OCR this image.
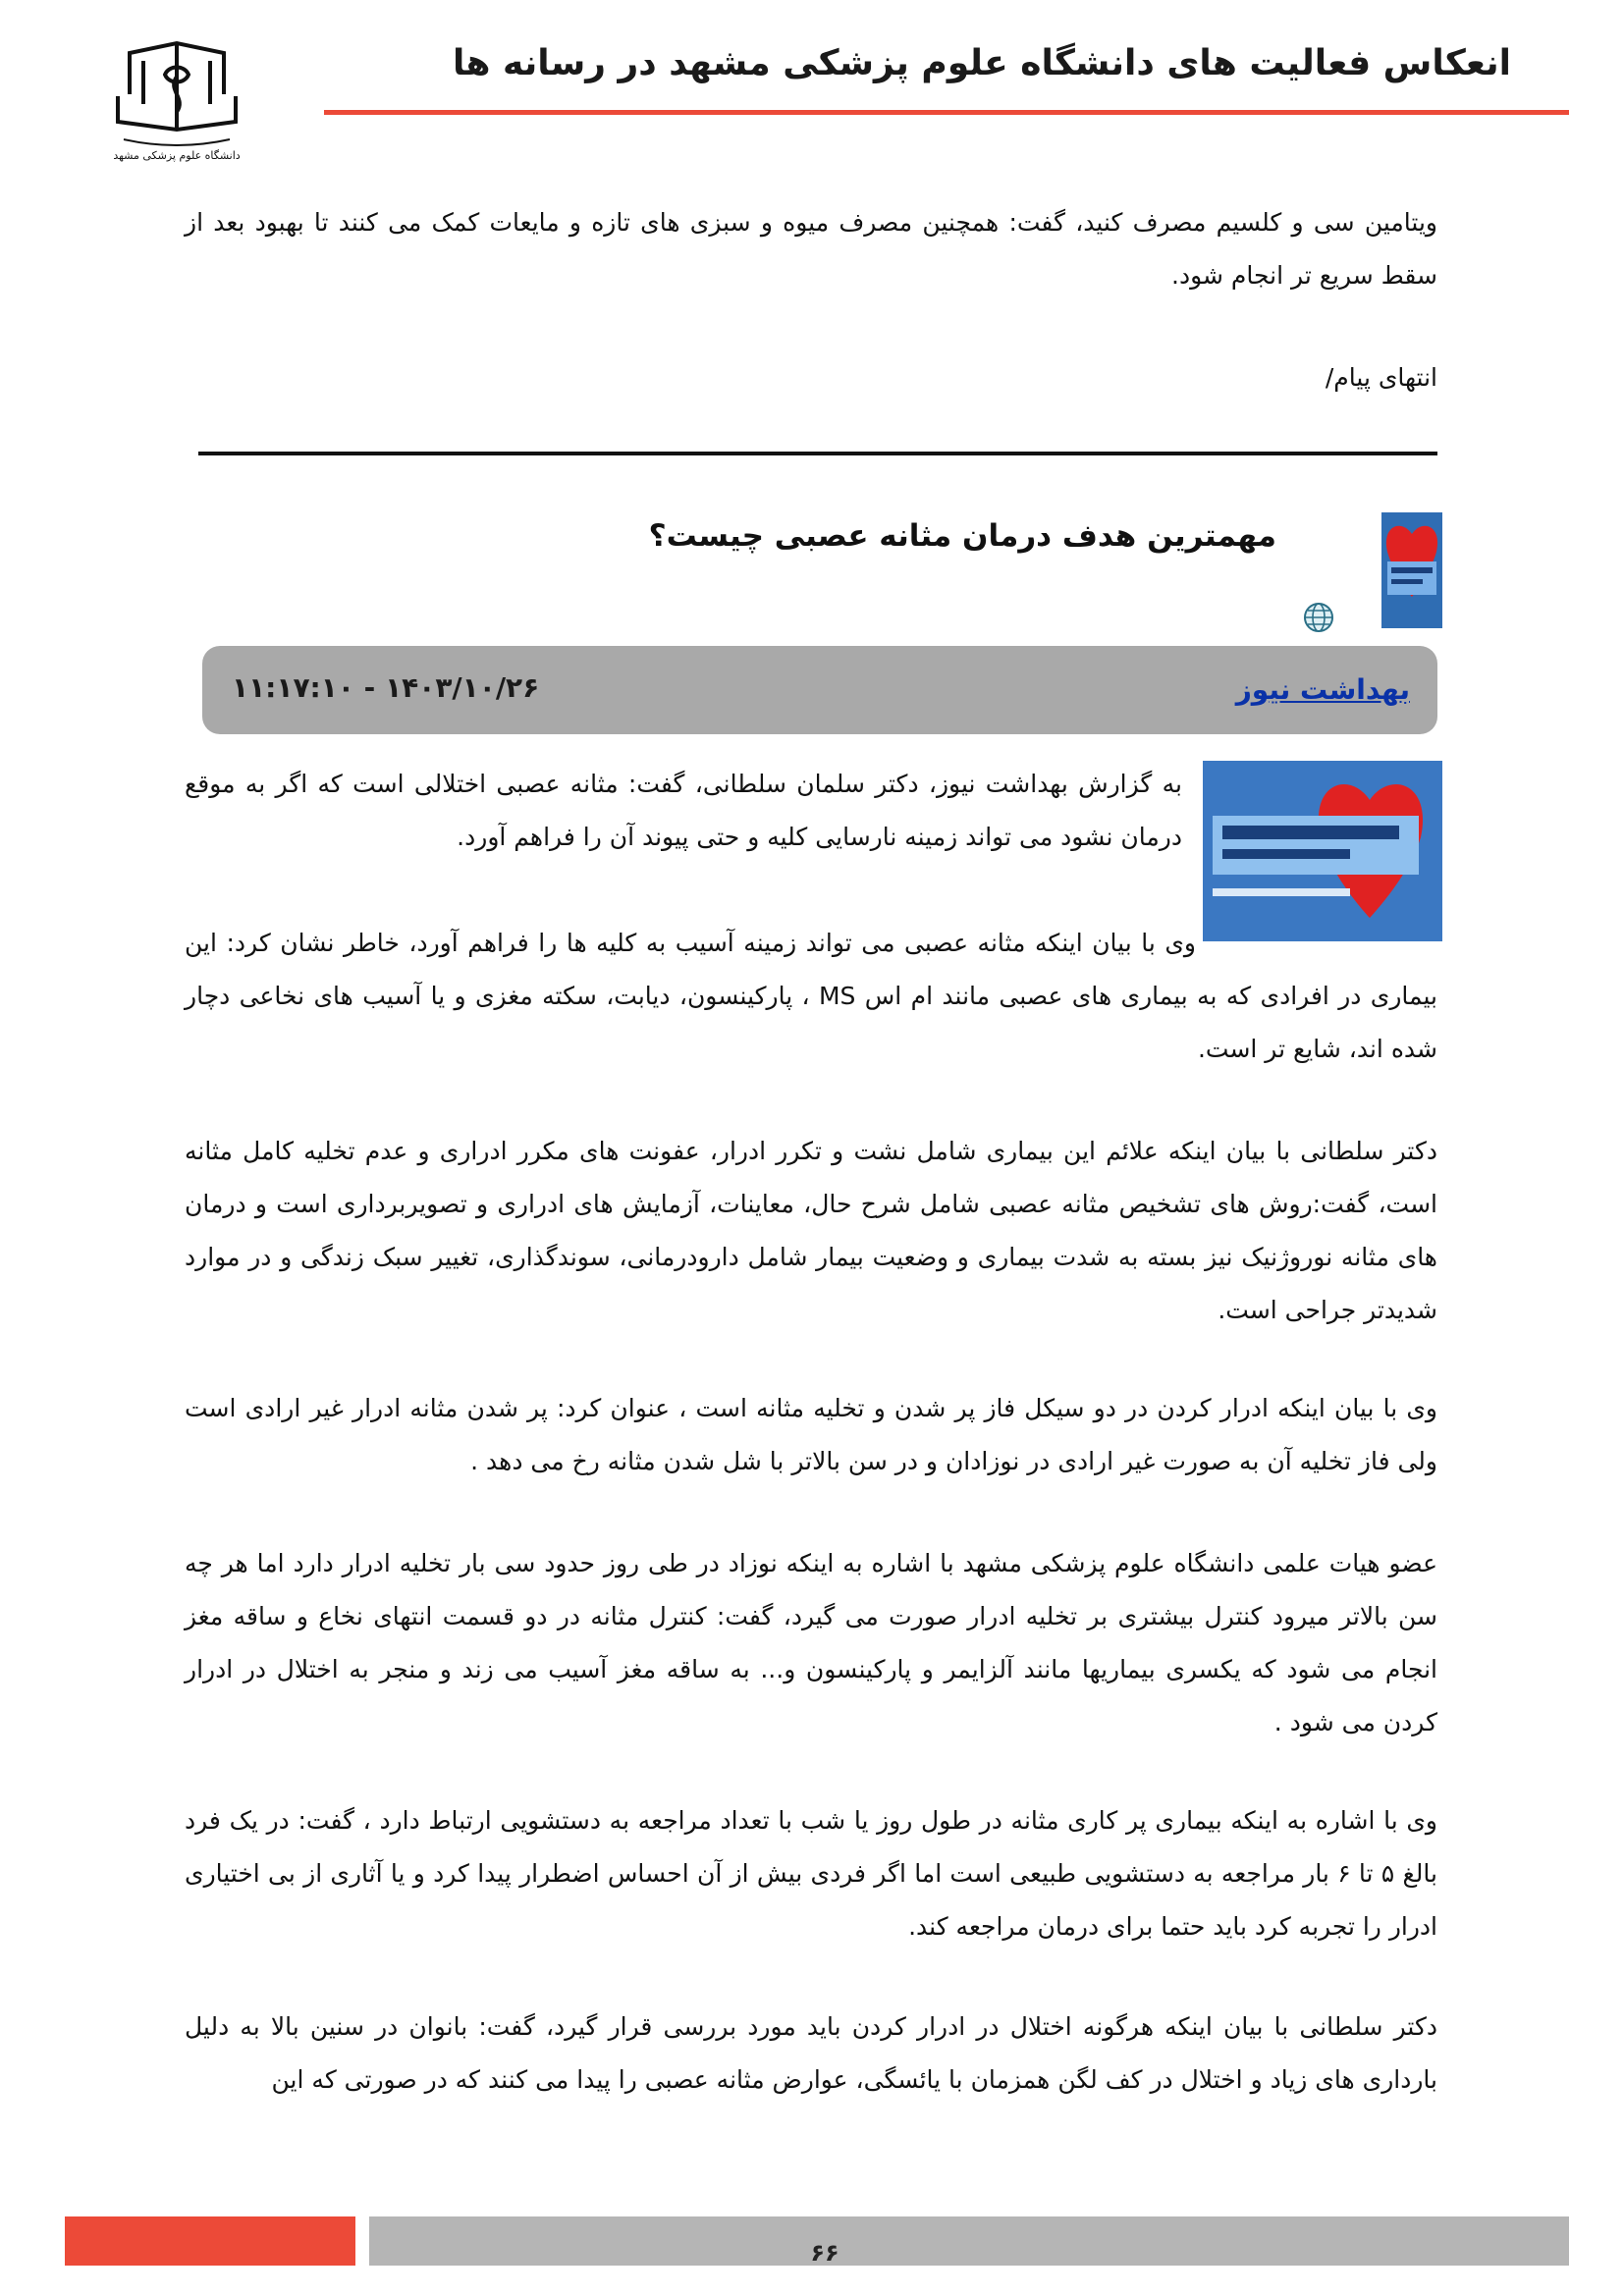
انعکاس فعالیت های دانشگاه علوم پزشکی مشهد در رسانه ها
دانشگاه علوم پزشکی مشهد
ویتامین سی و کلسیم مصرف کنید، گفت: همچنین مصرف میوه و سبزی های تازه و مایعات کمک می کنند تا بهبود بعد از سقط سریع تر انجام شود.
انتهای پیام/
مهمترین هدف درمان مثانه عصبی چیست؟
بهداشت نیوز
۱۴۰۳/۱۰/۲۶ - ۱۱:۱۷:۱۰
به گزارش بهداشت نیوز، دکتر سلمان سلطانی، گفت: مثانه عصبی اختلالی است که اگر به موقع درمان نشود می تواند زمینه نارسایی کلیه و حتی پیوند آن را فراهم آورد.
وی با بیان اینکه مثانه عصبی می تواند زمینه آسیب به کلیه ها را فراهم آورد، خاطر نشان کرد: این بیماری در افرادی که به بیماری های عصبی مانند ام اس MS ، پارکینسون، دیابت، سکته مغزی و یا آسیب های نخاعی دچار شده اند، شایع تر است.
دکتر سلطانی با بیان اینکه علائم این بیماری شامل نشت و تکرر ادرار، عفونت های مکرر ادراری و عدم تخلیه کامل مثانه است، گفت:روش های تشخیص مثانه عصبی شامل شرح حال، معاینات، آزمایش های ادراری و تصویربرداری است و درمان های مثانه نوروژنیک نیز بسته به شدت بیماری و وضعیت بیمار شامل دارودرمانی، سوندگذاری، تغییر سبک زندگی و در موارد شدیدتر جراحی است.
وی با بیان اینکه ادرار کردن در دو سیکل فاز پر شدن و تخلیه مثانه است ، عنوان کرد: پر شدن مثانه ادرار غیر ارادی است ولی فاز تخلیه آن به صورت غیر ارادی در نوزادان و در سن بالاتر با شل شدن مثانه رخ می دهد .
عضو هیات علمی دانشگاه علوم پزشکی مشهد با اشاره به اینکه نوزاد در طی روز حدود سی بار تخلیه ادرار دارد اما هر چه سن بالاتر میرود کنترل بیشتری بر تخلیه ادرار صورت می گیرد، گفت: کنترل مثانه در دو قسمت انتهای نخاع و ساقه مغز انجام می شود که یکسری بیماریها مانند آلزایمر و پارکینسون و... به ساقه مغز آسیب می زند و منجر به اختلال در ادرار کردن می شود .
وی با اشاره به اینکه بیماری پر کاری مثانه در طول روز یا شب با تعداد مراجعه به دستشویی ارتباط دارد ، گفت: در یک فرد بالغ ۵ تا ۶ بار مراجعه به دستشویی طبیعی است اما اگر فردی بیش از آن احساس اضطرار پیدا کرد و یا آثاری از بی اختیاری ادرار را تجربه کرد باید حتما برای درمان مراجعه کند.
دکتر سلطانی با بیان اینکه هرگونه اختلال در ادرار کردن باید مورد بررسی قرار گیرد، گفت: بانوان در سنین بالا به دلیل بارداری های زیاد و اختلال در کف لگن همزمان با یائسگی، عوارض مثانه عصبی را پیدا می کنند که در صورتی که این
۶۶
